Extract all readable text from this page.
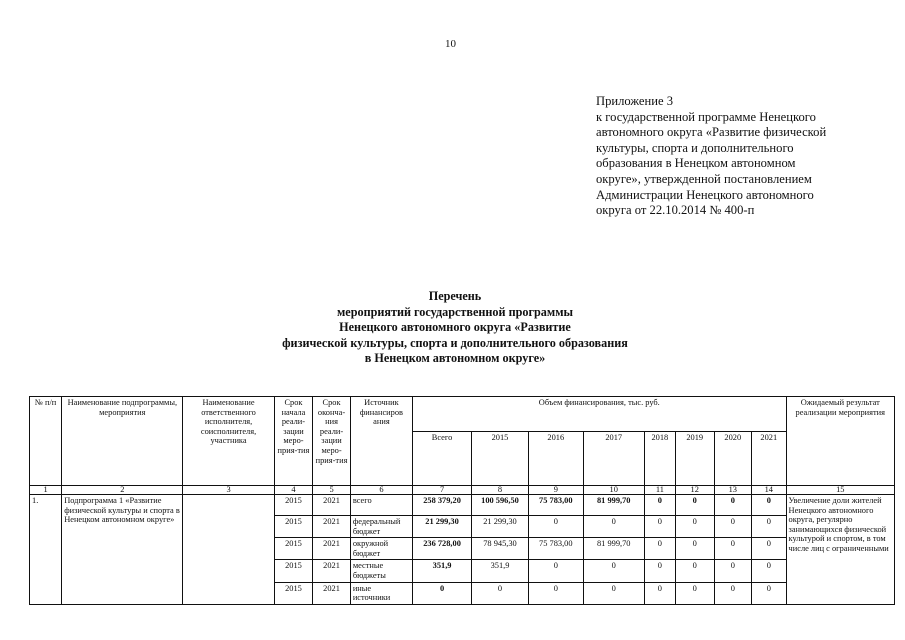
10
Приложение 3
к государственной программе Ненецкого
автономного округа «Развитие физической
культуры, спорта и дополнительного
образования в Ненецком автономном
округе», утвержденной постановлением
Администрации Ненецкого автономного
округа от 22.10.2014 № 400-п
Перечень
мероприятий государственной программы
Ненецкого автономного округа «Развитие
физической культуры, спорта и дополнительного образования
в Ненецком автономном округе»
№ п/п	Наименование подпрограммы, мероприятия	Наименование ответственного исполнителя, соисполнителя, участника	Срок начала реали-зации меро-прия-тия	Срок оконча-ния реали-зации меро-прия-тия	Источник финансиров ания	Объем финансирования, тыс. руб.								Ожидаемый результат реализации мероприятия
						Всего	2015	2016	2017	2018	2019	2020	2021	
1	2	3	4	5	6	7	8	9	10	11	12	13	14	15
1.	Подпрограмма 1 «Развитие физической культуры и спорта в Ненецком автономном округе»		2015	2021	всего	258 379,20	100 596,50	75 783,00	81 999,70	0	0	0	0	Увеличение доли жителей Ненецкого автономного округа, регулярно занимающихся физической культурой и спортом, в том числе лиц с ограниченными
			2015	2021	федеральный бюджет	21 299,30	21 299,30	0	0	0	0	0	0	
			2015	2021	окружной бюджет	236 728,00	78 945,30	75 783,00	81 999,70	0	0	0	0	
			2015	2021	местные бюджеты	351,9	351,9	0	0	0	0	0	0	
			2015	2021	иные источники	0	0	0	0	0	0	0	0	
